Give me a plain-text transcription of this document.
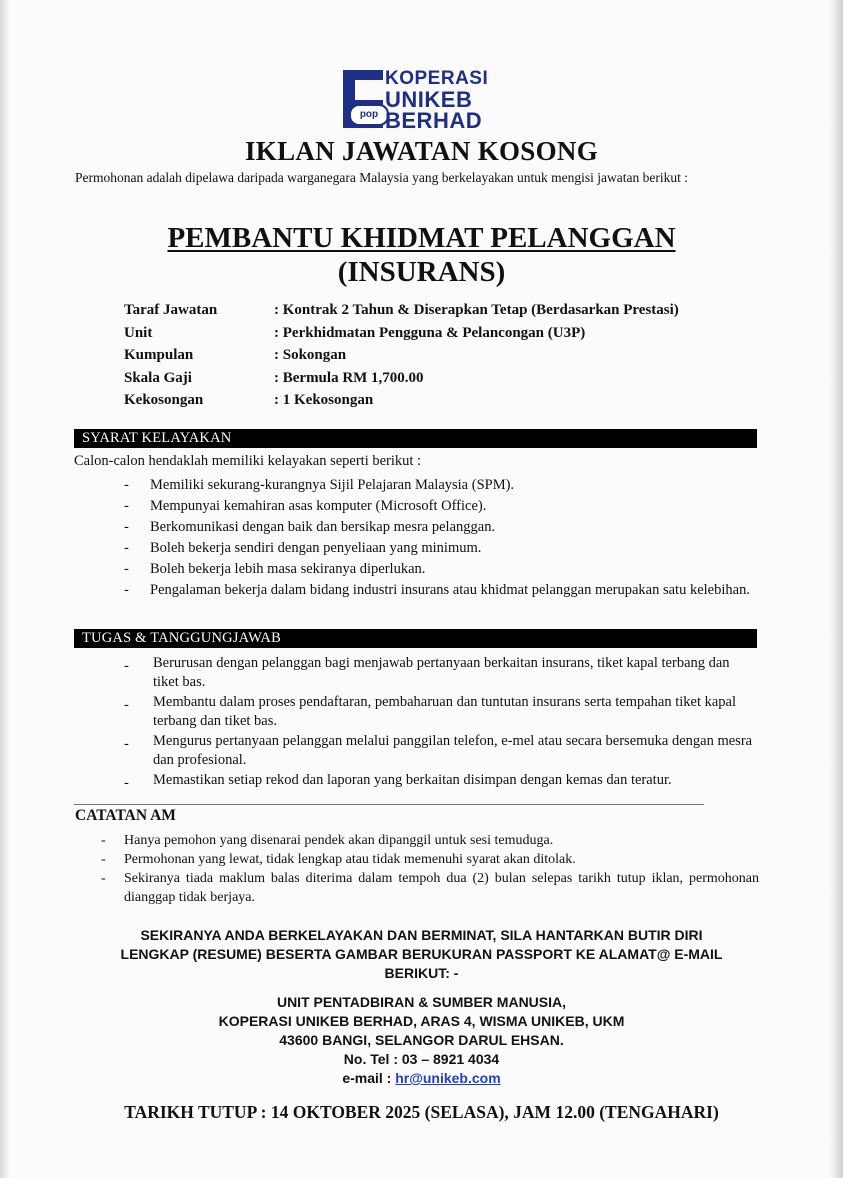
pop
KOPERASI
UNIKEB
BERHAD
IKLAN JAWATAN KOSONG
Permohonan adalah dipelawa daripada warganegara Malaysia yang berkelayakan untuk mengisi jawatan berikut :
PEMBANTU KHIDMAT PELANGGAN
(INSURANS)
Taraf Jawatan	: Kontrak 2 Tahun & Diserapkan Tetap (Berdasarkan Prestasi)
Unit	: Perkhidmatan Pengguna & Pelancongan (U3P)
Kumpulan	: Sokongan
Skala Gaji	: Bermula RM 1,700.00
Kekosongan	: 1 Kekosongan
SYARAT KELAYAKAN
Calon-calon hendaklah memiliki kelayakan seperti berikut :
-	Memiliki sekurang-kurangnya Sijil Pelajaran Malaysia (SPM).
-	Mempunyai kemahiran asas komputer (Microsoft Office).
-	Berkomunikasi dengan baik dan bersikap mesra pelanggan.
-	Boleh bekerja sendiri dengan penyeliaan yang minimum.
-	Boleh bekerja lebih masa sekiranya diperlukan.
-	Pengalaman bekerja dalam bidang industri insurans atau khidmat pelanggan merupakan satu kelebihan.
TUGAS & TANGGUNGJAWAB
-	Berurusan dengan pelanggan bagi menjawab pertanyaan berkaitan insurans, tiket kapal terbang dan tiket bas.
-	Membantu dalam proses pendaftaran, pembaharuan dan tuntutan insurans serta tempahan tiket kapal terbang dan tiket bas.
-	Mengurus pertanyaan pelanggan melalui panggilan telefon, e-mel atau secara bersemuka dengan mesra dan profesional.
-	Memastikan setiap rekod dan laporan yang berkaitan disimpan dengan kemas dan teratur.
CATATAN AM
-	Hanya pemohon yang disenarai pendek akan dipanggil untuk sesi temuduga.
-	Permohonan yang lewat, tidak lengkap atau tidak memenuhi syarat akan ditolak.
-	Sekiranya tiada maklum balas diterima dalam tempoh dua (2) bulan selepas tarikh tutup iklan, permohonan dianggap tidak berjaya.
SEKIRANYA ANDA BERKELAYAKAN DAN BERMINAT, SILA HANTARKAN BUTIR DIRI
LENGKAP (RESUME) BESERTA GAMBAR BERUKURAN PASSPORT KE ALAMAT@ E-MAIL
BERIKUT: -
UNIT PENTADBIRAN & SUMBER MANUSIA,
KOPERASI UNIKEB BERHAD, ARAS 4, WISMA UNIKEB, UKM
43600 BANGI, SELANGOR DARUL EHSAN.
No. Tel : 03 – 8921 4034
e-mail : hr@unikeb.com
TARIKH TUTUP : 14 OKTOBER 2025 (SELASA), JAM 12.00 (TENGAHARI)
